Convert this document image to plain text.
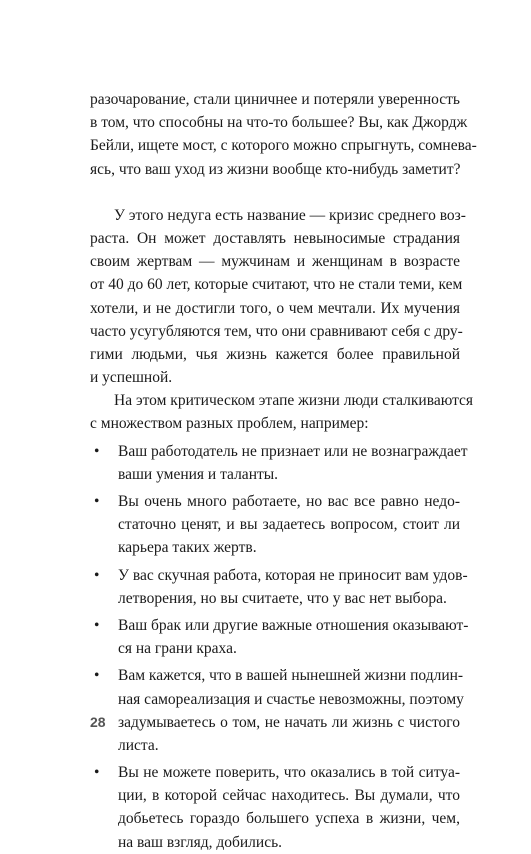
разочарование, стали циничнее и потеряли уверенность
в том, что способны на что-то большее? Вы, как Джордж
Бейли, ищете мост, с которого можно спрыгнуть, сомнева-
ясь, что ваш уход из жизни вообще кто-нибудь заметит?
У этого недуга есть название — кризис среднего воз-
раста. Он может доставлять невыносимые страдания
своим жертвам — мужчинам и женщинам в возрасте
от 40 до 60 лет, которые считают, что не стали теми, кем
хотели, и не достигли того, о чем мечтали. Их мучения
часто усугубляются тем, что они сравнивают себя с дру-
гими людьми, чья жизнь кажется более правильной
и успешной.
На этом критическом этапе жизни люди сталкиваются
с множеством разных проблем, например:
• Ваш работодатель не признает или не вознаграждает
ваши умения и таланты.
• Вы очень много работаете, но вас все равно недо-
статочно ценят, и вы задаетесь вопросом, стоит ли
карьера таких жертв.
• У вас скучная работа, которая не приносит вам удов-
летворения, но вы считаете, что у вас нет выбора.
• Ваш брак или другие важные отношения оказывают-
ся на грани краха.
• Вам кажется, что в вашей нынешней жизни подлин-
ная самореализация и счастье невозможны, поэтому
задумываетесь о том, не начать ли жизнь с чистого
листа.
• Вы не можете поверить, что оказались в той ситуа-
ции, в которой сейчас находитесь. Вы думали, что
добьетесь гораздо большего успеха в жизни, чем,
на ваш взгляд, добились.
28
